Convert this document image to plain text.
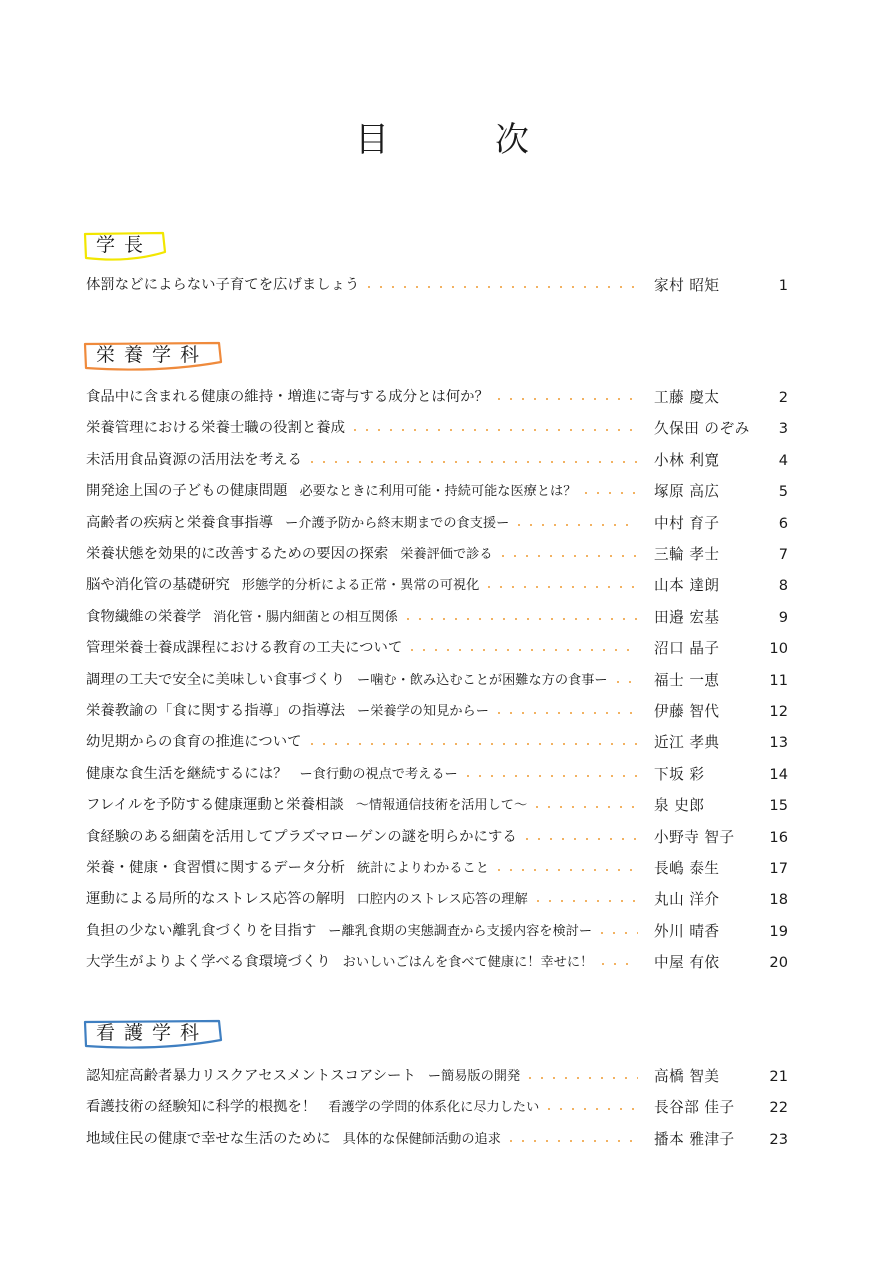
目　次
学長
体罰などによらない子育てを広げましょう	家村 昭矩	1
栄養学科
食品中に含まれる健康の維持・増進に寄与する成分とは何か？	工藤 慶太	2
栄養管理における栄養士職の役割と養成	久保田 のぞみ 3
未活用食品資源の活用法を考える	小林 利寛	4
開発途上国の子どもの健康問題 必要なときに利用可能・持続可能な医療とは？	塚原 高広	5
高齢者の疾病と栄養食事指導 ー介護予防から終末期までの食支援ー	中村 育子	6
栄養状態を効果的に改善するための要因の探索 栄養評価で診る	三輪 孝士	7
脳や消化管の基礎研究 形態学的分析による正常・異常の可視化	山本 達朗	8
食物繊維の栄養学 消化管・腸内細菌との相互関係	田邉 宏基	9
管理栄養士養成課程における教育の工夫について	沼口 晶子	10
調理の工夫で安全に美味しい食事づくり ー噛む・飲み込むことが困難な方の食事ー	福士 一恵	11
栄養教諭の「食に関する指導」の指導法 ー栄養学の知見からー	伊藤 智代	12
幼児期からの食育の推進について	近江 孝典	13
健康な食生活を継続するには？ ー食行動の視点で考えるー	下坂 彩	14
フレイルを予防する健康運動と栄養相談 〜情報通信技術を活用して〜	泉 史郎	15
食経験のある細菌を活用してプラズマローゲンの謎を明らかにする	小野寺 智子 16
栄養・健康・食習慣に関するデータ分析 統計によりわかること	長嶋 泰生	17
運動による局所的なストレス応答の解明 口腔内のストレス応答の理解	丸山 洋介	18
負担の少ない離乳食づくりを目指す ー離乳食期の実態調査から支援内容を検討ー	外川 晴香	19
大学生がよりよく学べる食環境づくり おいしいごはんを食べて健康に！幸せに！	中屋 有依	20
看護学科
認知症高齢者暴力リスクアセスメントスコアシート ー簡易版の開発	高橋 智美	21
看護技術の経験知に科学的根拠を！ 看護学の学問的体系化に尽力したい	長谷部 佳子 22
地域住民の健康で幸せな生活のために 具体的な保健師活動の追求	播本 雅津子 23
